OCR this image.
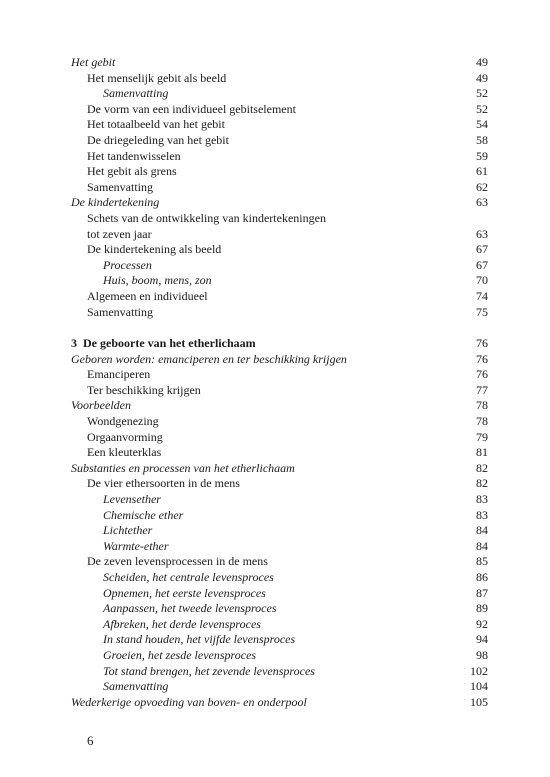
Het gebit	49
Het menselijk gebit als beeld	49
Samenvatting	52
De vorm van een individueel gebitselement	52
Het totaalbeeld van het gebit	54
De driegeleding van het gebit	58
Het tandenwisselen	59
Het gebit als grens	61
Samenvatting	62
De kindertekening	63
Schets van de ontwikkeling van kindertekeningen
tot zeven jaar	63
De kindertekening als beeld	67
Processen	67
Huis, boom, mens, zon	70
Algemeen en individueel	74
Samenvatting	75
3 De geboorte van het etherlichaam	76
Geboren worden: emanciperen en ter beschikking krijgen	76
Emanciperen	76
Ter beschikking krijgen	77
Voorbeelden	78
Wondgenezing	78
Orgaanvorming	79
Een kleuterklas	81
Substanties en processen van het etherlichaam	82
De vier ethersoorten in de mens	82
Levensether	83
Chemische ether	83
Lichtether	84
Warmte-ether	84
De zeven levensprocessen in de mens	85
Scheiden, het centrale levensproces	86
Opnemen, het eerste levensproces	87
Aanpassen, het tweede levensproces	89
Afbreken, het derde levensproces	92
In stand houden, het vijfde levensproces	94
Groeien, het zesde levensproces	98
Tot stand brengen, het zevende levensproces	102
Samenvatting	104
Wederkerige opvoeding van boven- en onderpool	105
6
